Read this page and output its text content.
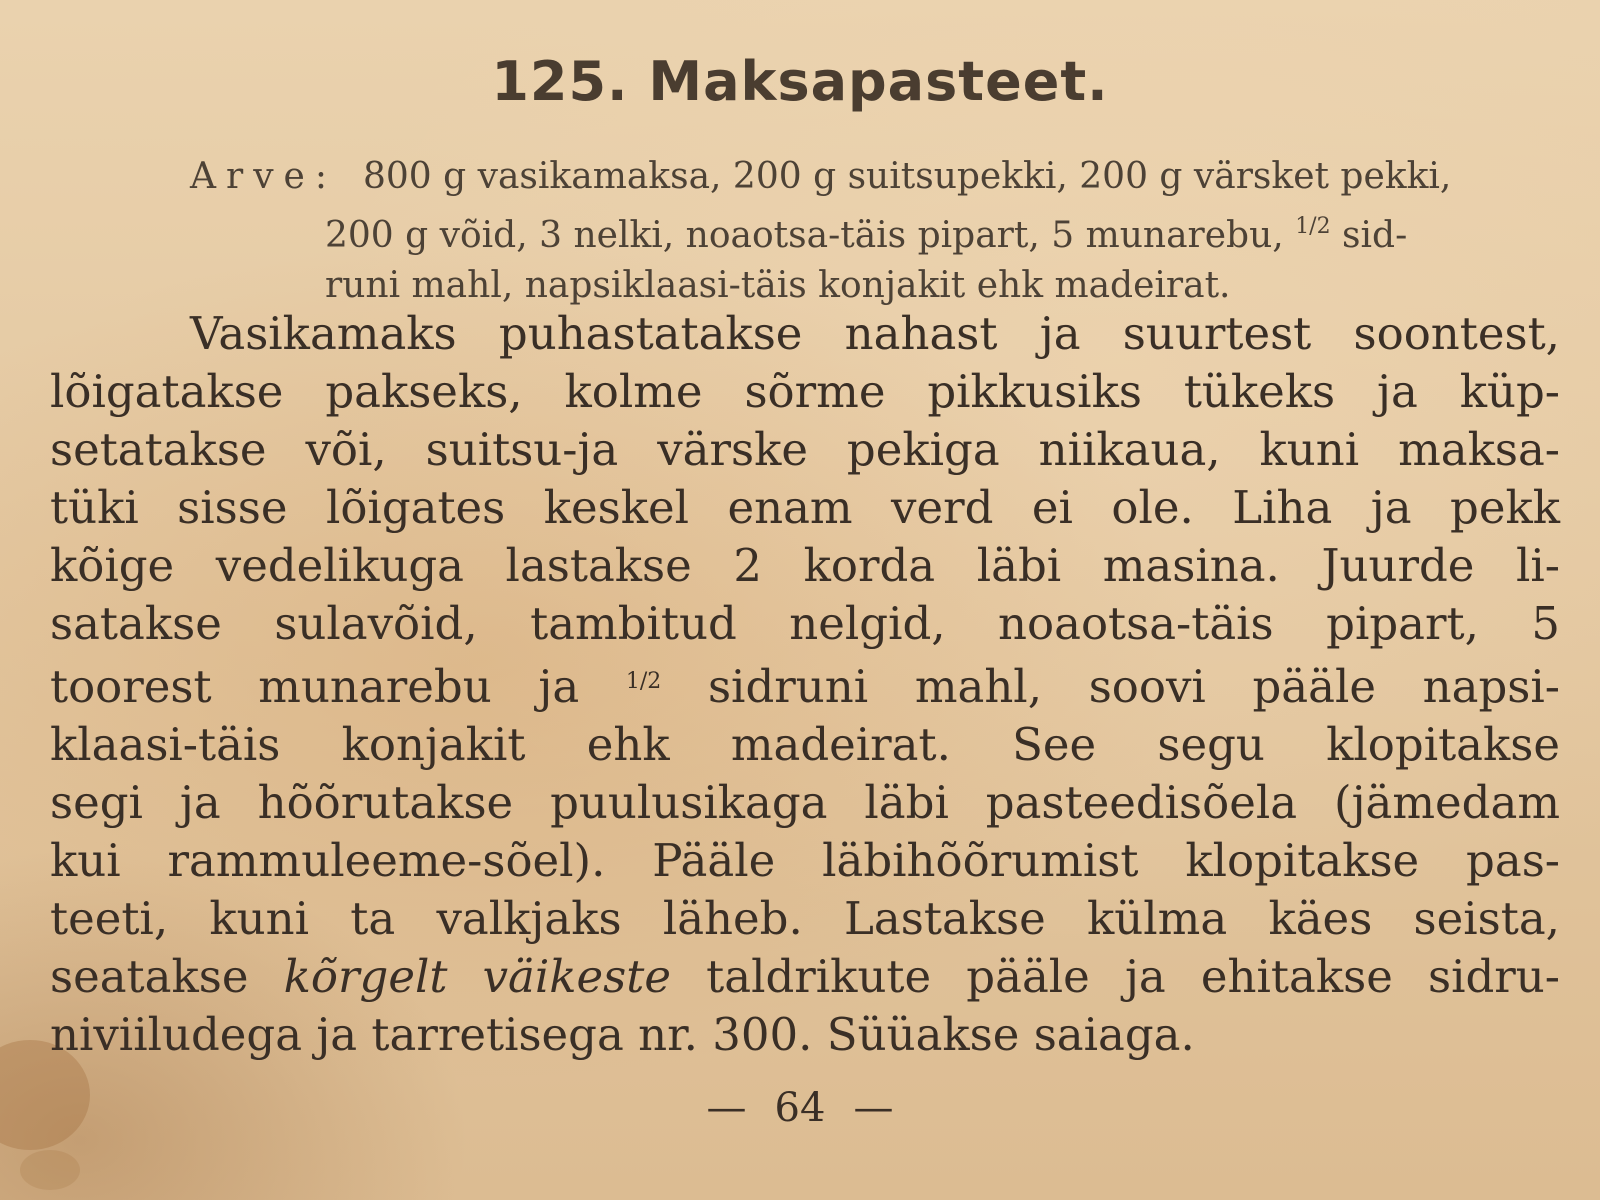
125. Maksapasteet.
Arve: 800 g vasikamaksa, 200 g suitsupekki, 200 g värsket pekki,
200 g võid, 3 nelki, noaotsa-täis pipart, 5 munarebu, $^{1/2}$ sid-
runi mahl, napsiklaasi-täis konjakit ehk madeirat.
Vasikamaks puhastatakse nahast ja suurtest soontest,
lõigatakse pakseks, kolme sõrme pikkusiks tükeks ja küp-
setatakse või, suitsu-ja värske pekiga niikaua, kuni maksa-
tüki sisse lõigates keskel enam verd ei ole. Liha ja pekk
kõige vedelikuga lastakse 2 korda läbi masina. Juurde li-
satakse sulavõid, tambitud nelgid, noaotsa-täis pipart, 5
toorest munarebu ja $^{1/2}$ sidruni mahl, soovi pääle napsi-
klaasi-täis konjakit ehk madeirat. See segu klopitakse
segi ja hõõrutakse puulusikaga läbi pasteedisõela (jämedam
kui rammuleeme-sõel). Pääle läbihõõrumist klopitakse pas-
teeti, kuni ta valkjaks läheb. Lastakse külma käes seista,
seatakse kõrgelt väikeste taldrikute pääle ja ehitakse sidru-
niviiludega ja tarretisega nr. 300. Süüakse saiaga.
— 64 —
